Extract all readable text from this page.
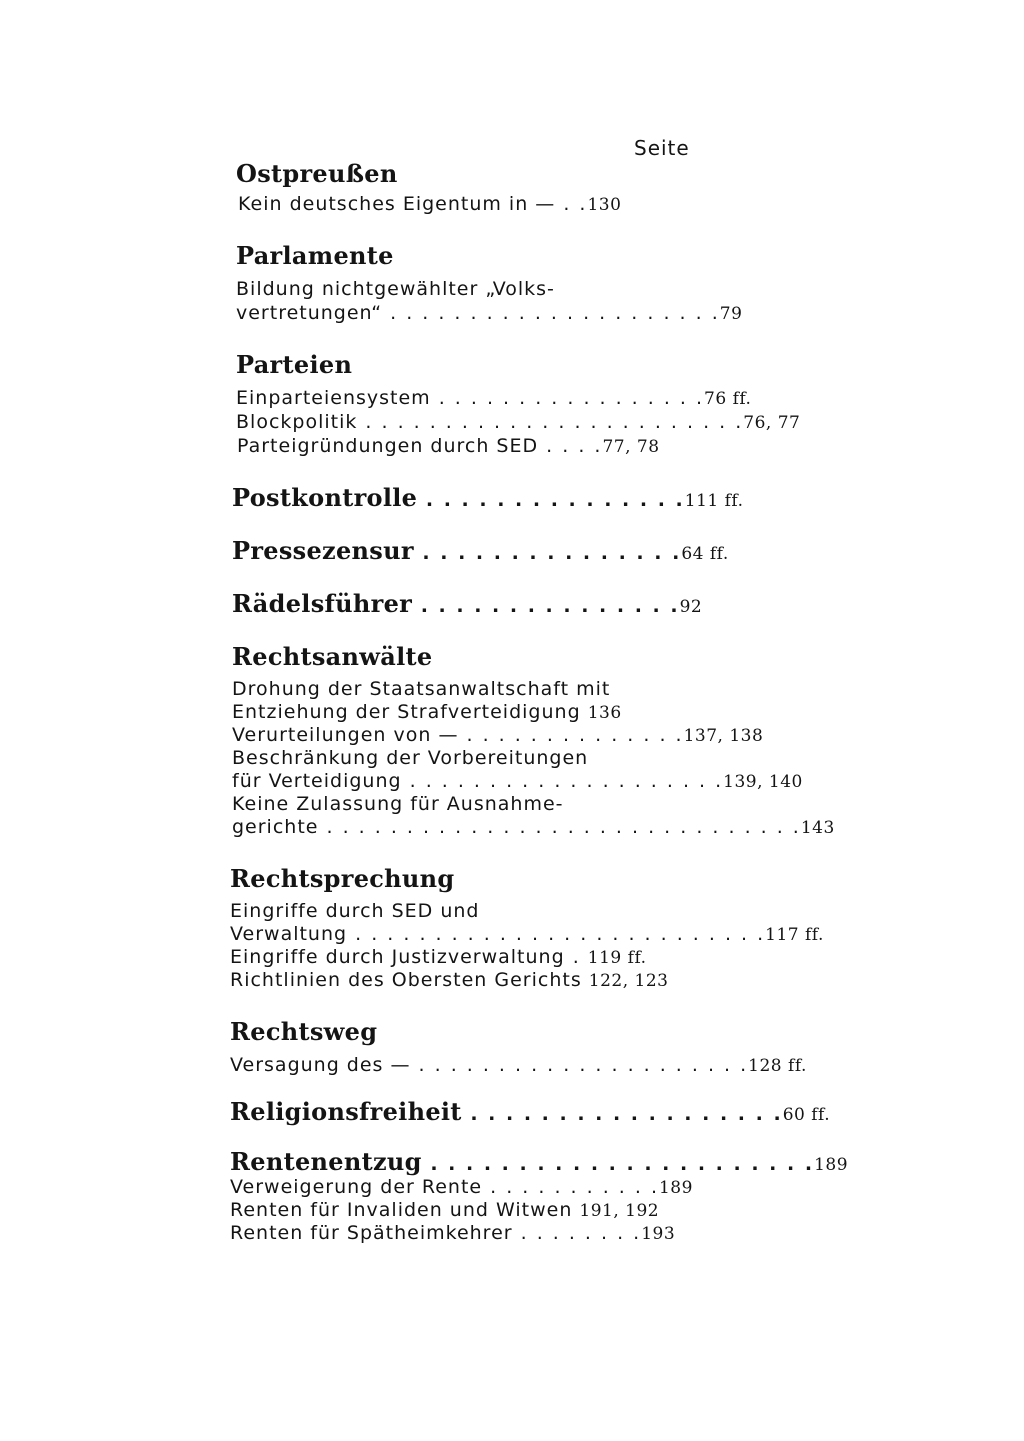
Seite
Ostpreußen
Kein deutsches Eigentum in — . .130
Parlamente
Bildung nichtgewählter „Volks-
vertretungen“ . . . . . . . . . . . . . . . . . . . . .79
Parteien
Einparteiensystem . . . . . . . . . . . . . . . . .76 ff.
Blockpolitik . . . . . . . . . . . . . . . . . . . . . . . .76, 77
Parteigründungen durch SED . . . .77, 78
Postkontrolle . . . . . . . . . . . . . . .111 ff.
Pressezensur . . . . . . . . . . . . . . .64 ff.
Rädelsführer . . . . . . . . . . . . . . .92
Rechtsanwälte
Drohung der Staatsanwaltschaft mit
Entziehung der Strafverteidigung 136
Verurteilungen von — . . . . . . . . . . . . . .137, 138
Beschränkung der Vorbereitungen
für Verteidigung . . . . . . . . . . . . . . . . . . . .139, 140
Keine Zulassung für Ausnahme-
gerichte . . . . . . . . . . . . . . . . . . . . . . . . . . . . . .143
Rechtsprechung
Eingriffe durch SED und
Verwaltung . . . . . . . . . . . . . . . . . . . . . . . . . .117 ff.
Eingriffe durch Justizverwaltung . 119 ff.
Richtlinien des Obersten Gerichts 122, 123
Rechtsweg
Versagung des — . . . . . . . . . . . . . . . . . . . . .128 ff.
Religionsfreiheit . . . . . . . . . . . . . . . . . .60 ff.
Rentenentzug . . . . . . . . . . . . . . . . . . . . . .189
Verweigerung der Rente . . . . . . . . . . .189
Renten für Invaliden und Witwen 191, 192
Renten für Spätheimkehrer . . . . . . . .193
